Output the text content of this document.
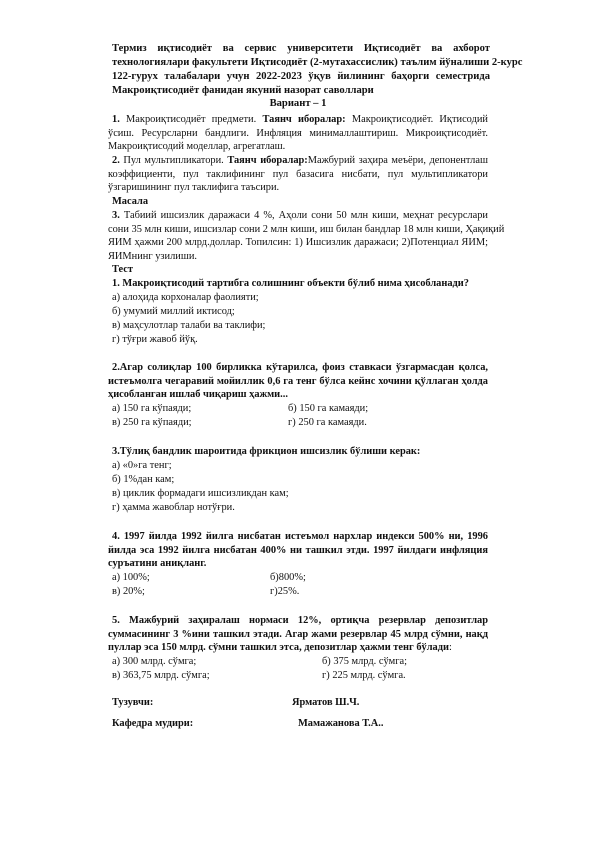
Термиз иқтисодиёт ва сервис университети Иқтисодиёт ва ахборот
технологиялари факультети Иқтисодиёт (2-мутахассислик) таълим йўналиши 2-курс
122-гурух талабалари учун 2022-2023 ўқув йилининг баҳорги семестрида
Макроиқтисодиёт фанидан якуний назорат саволлари
Вариант – 1
1. Макроиқтисодиёт предмети. Таянч иборалар: Макроиқтисодиёт. Иқтисодий
ўсиш. Ресурсларни бандлиги. Инфляция минималлаштириш. Микроиқтисодиёт.
Макроиқтисодий моделлар, агрегатлаш.
2. Пул мультипликатори. Таянч иборалар:Мажбурий заҳира меъёри, депонентлаш
коэффициенти, пул таклифининг пул базасига нисбати, пул мультипликатори
ўзгаришининг пул таклифига таъсири.
Масала
3. Табиий ишсизлик даражаси 4 %, Аҳоли сони 50 млн киши, меҳнат ресурслари
сони 35 млн киши, ишсизлар сони 2 млн киши, иш билан бандлар 18 млн киши, Ҳақиқий
ЯИМ ҳажми 200 млрд.доллар. Топилсин: 1) Ишсизлик даражаси; 2)Потенциал ЯИМ;
ЯИМнинг узилиши.
Тест
1. Макроиқтисодий тартибга солишнинг объекти бўлиб нима ҳисобланади?
а) алоҳида корхоналар фаолияти;
б) умумий миллий иктисод;
в) маҳсулотлар талаби ва таклифи;
г) тўғри жавоб йўқ.
2.Агар солиқлар 100 бирликка кўтарилса, фоиз ставкаси ўзгармасдан қолса,
истеъмолга чегаравий мойиллик 0,6 га тенг бўлса кейнс хочини қўллаган ҳолда
ҳисобланган ишлаб чиқариш ҳажми...
а) 150 га кўпаяди;	б) 150 га камаяди;
в) 250 га кўпаяди;	г) 250 га камаяди.
3.Тўлиқ бандлик шароитида фрикцион ишсизлик бўлиши керак:
а) «0»га тенг;
б) 1%дан кам;
в) циклик формадаги ишсизликдан кам;
г) ҳамма жавоблар нотўғри.
4. 1997 йилда 1992 йилга нисбатан истеъмол нархлар индекси 500% ни, 1996
йилда эса 1992 йилга нисбатан 400% ни ташкил этди. 1997 йилдаги инфляция
суръатини аниқланг.
а) 100%;	б)800%;
в) 20%;	г)25%.
5. Мажбурий заҳиралаш нормаси 12%, ортиқча резервлар депозитлар
суммасининг 3 %ини ташкил этади. Агар жами резервлар 45 млрд сўмни, нақд
пуллар эса 150 млрд. сўмни ташкил этса, депозитлар ҳажми тенг бўлади:
а) 300 млрд. сўмга;	б) 375 млрд. сўмга;
в) 363,75 млрд. сўмга;	г) 225 млрд. сўмга.
Тузувчи:	Ярматов Ш.Ч.
Кафедра мудири:	Мамажанова Т.А..
